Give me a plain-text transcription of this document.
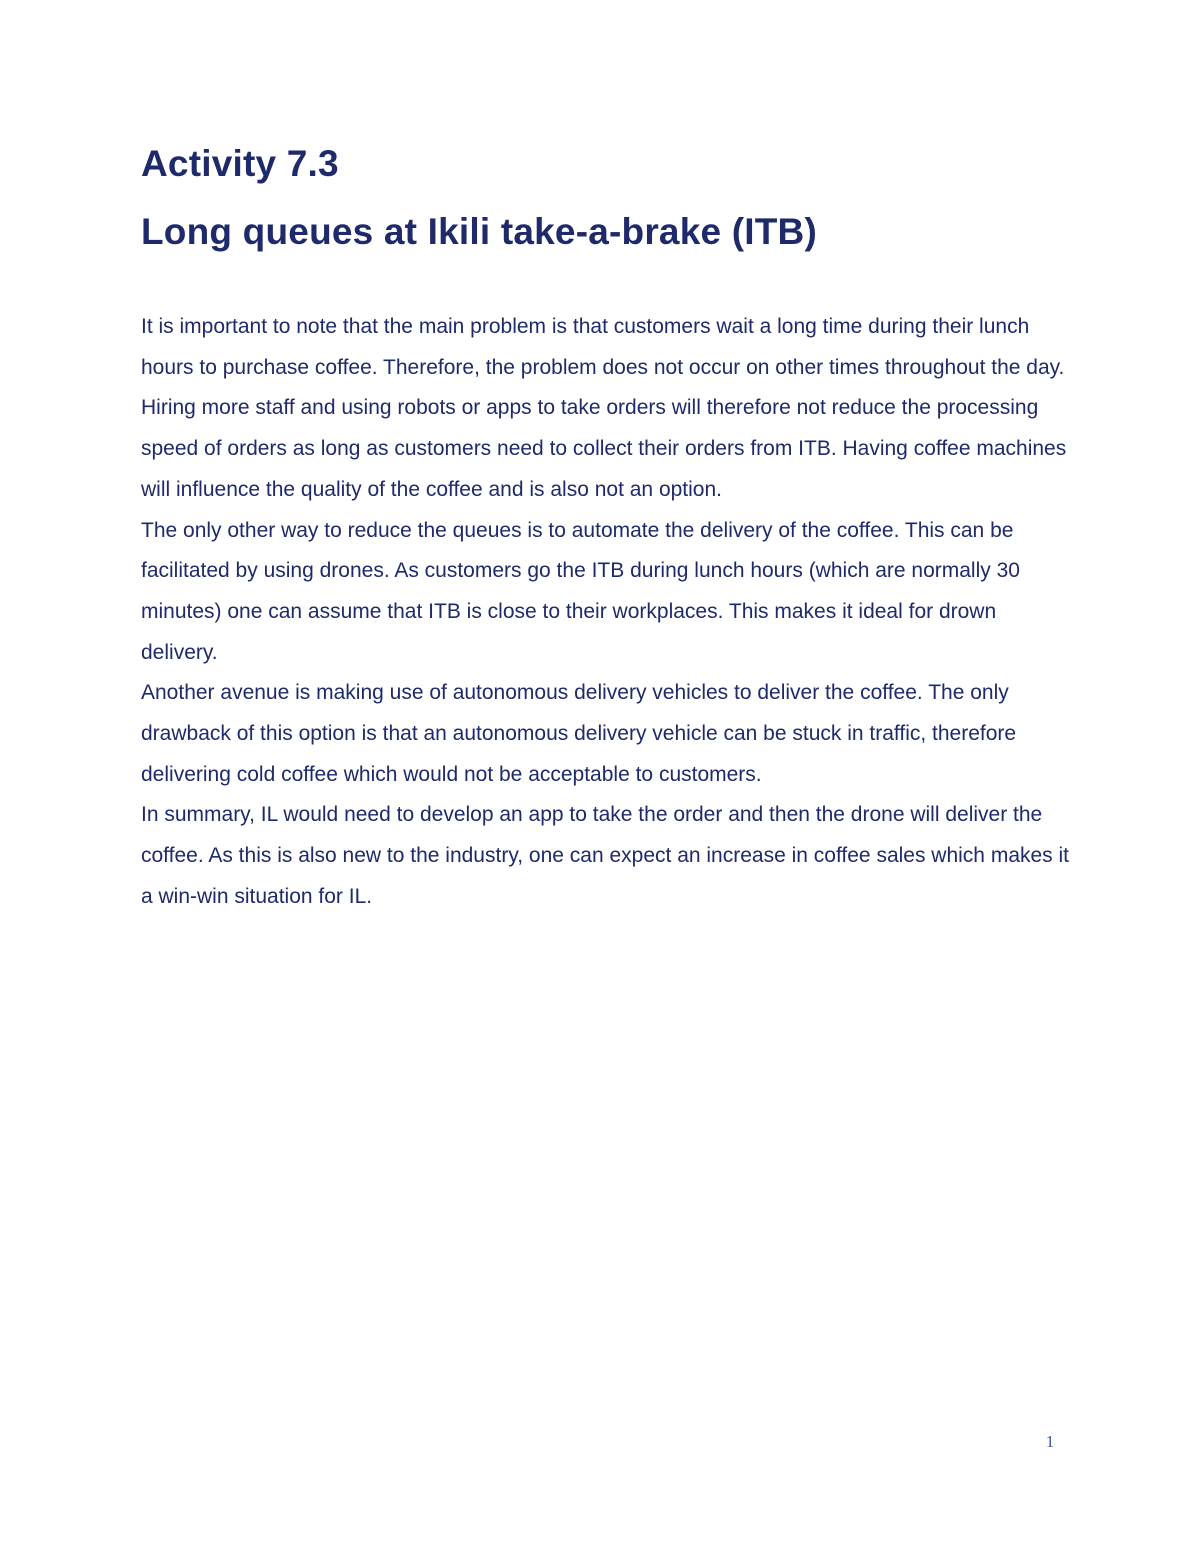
Activity 7.3
Long queues at Ikili take-a-brake (ITB)

It is important to note that the main problem is that customers wait a long time during their lunch hours to purchase coffee. Therefore, the problem does not occur on other times throughout the day. Hiring more staff and using robots or apps to take orders will therefore not reduce the processing speed of orders as long as customers need to collect their orders from ITB. Having coffee machines will influence the quality of the coffee and is also not an option.

The only other way to reduce the queues is to automate the delivery of the coffee. This can be facilitated by using drones. As customers go the ITB during lunch hours (which are normally 30 minutes) one can assume that ITB is close to their workplaces. This makes it ideal for drown delivery.

Another avenue is making use of autonomous delivery vehicles to deliver the coffee. The only drawback of this option is that an autonomous delivery vehicle can be stuck in traffic, therefore delivering cold coffee which would not be acceptable to customers.

In summary, IL would need to develop an app to take the order and then the drone will deliver the coffee. As this is also new to the industry, one can expect an increase in coffee sales which makes it a win-win situation for IL.

1
